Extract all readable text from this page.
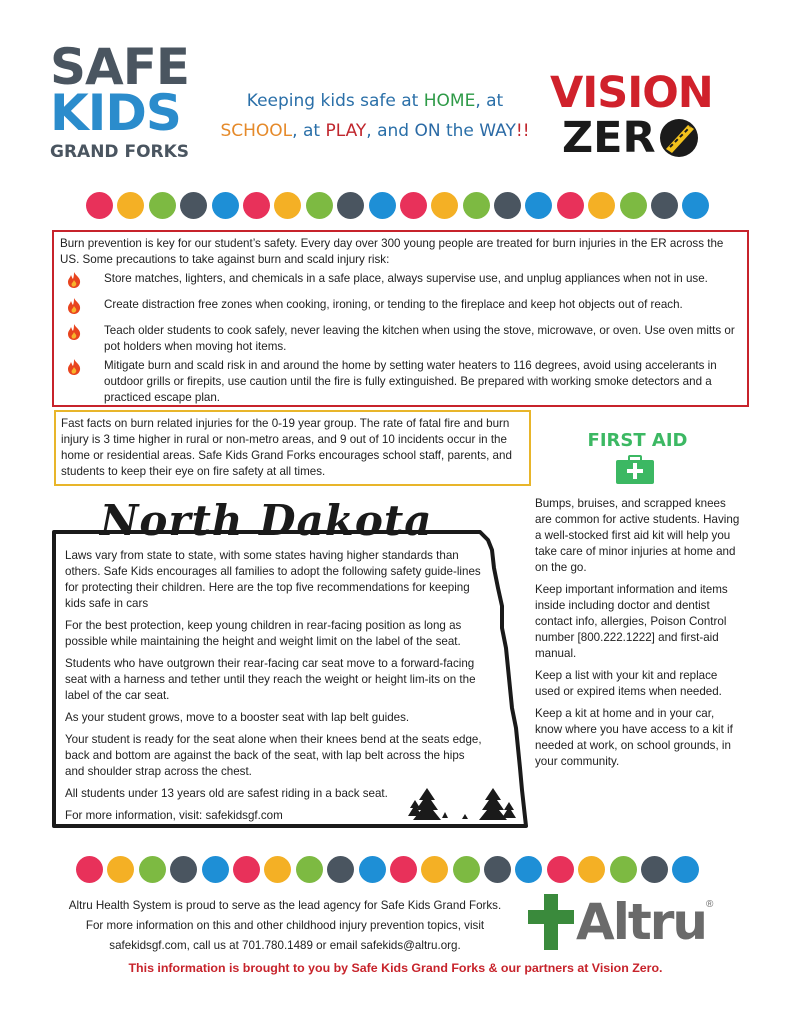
SAFE
KIDS
GRAND FORKS
Keeping kids safe at HOME, at
SCHOOL, at PLAY, and ON the WAY!!
VISION
ZER
Burn prevention is key for our student’s safety. Every day over 300 young people are treated for burn injuries in the ER across the US. Some precautions to take against burn and scald injury risk:
Store matches, lighters, and chemicals in a safe place, always supervise use, and unplug appliances when not in use.
Create distraction free zones when cooking, ironing, or tending to the fireplace and keep hot objects out of reach.
Teach older students to cook safely, never leaving the kitchen when using the stove, microwave, or oven. Use oven mitts or pot holders when moving hot items.
Mitigate burn and scald risk in and around the home by setting water heaters to 116 degrees, avoid using accelerants in outdoor grills or firepits, use caution until the fire is fully extinguished. Be prepared with working smoke detectors and a practiced escape plan.
Fast facts on burn related injuries for the 0-19 year group. The rate of fatal fire and burn injury is 3 time higher in rural or non-metro areas, and 9 out of 10 incidents occur in the home or residential areas. Safe Kids Grand Forks encourages school staff, parents, and students to keep their eye on fire safety at all times.
FIRST AID

Bumps, bruises, and scrapped knees are common for active students. Having a well-stocked first aid kit will help you take care of minor injuries at home and on the go.

Keep important information and items inside including doctor and dentist contact info, allergies, Poison Control number [800.222.1222] and first-aid manual.

Keep a list with your kit and replace used or expired items when needed.

Keep a kit at home and in your car, know where you have access to a kit if needed at work, on school grounds, in your community.

North Dakota

Laws vary from state to state, with some states having higher standards than others. Safe Kids encourages all families to adopt the following safety guide-lines for protecting their children. Here are the top five recommendations for keeping kids safe in cars

For the best protection, keep young children in rear-facing position as long as possible while maintaining the height and weight limit on the label of the seat.

Students who have outgrown their rear-facing car seat move to a forward-facing seat with a harness and tether until they reach the weight or height lim-its on the label of the car seat.

As your student grows, move to a booster seat with lap belt guides.

Your student is ready for the seat alone when their knees bend at the seats edge, back and bottom are against the back of the seat, with lap belt across the hips and shoulder strap across the chest.

All students under 13 years old are safest riding in a back seat.

For more information, visit: safekidsgf.com

Altru Health System is proud to serve as the lead agency for Safe Kids Grand Forks.
For more information on this and other childhood injury prevention topics, visit
safekidsgf.com, call us at 701.780.1489 or email safekids@altru.org.	Altru ®
This information is brought to you by Safe Kids Grand Forks & our partners at Vision Zero.
